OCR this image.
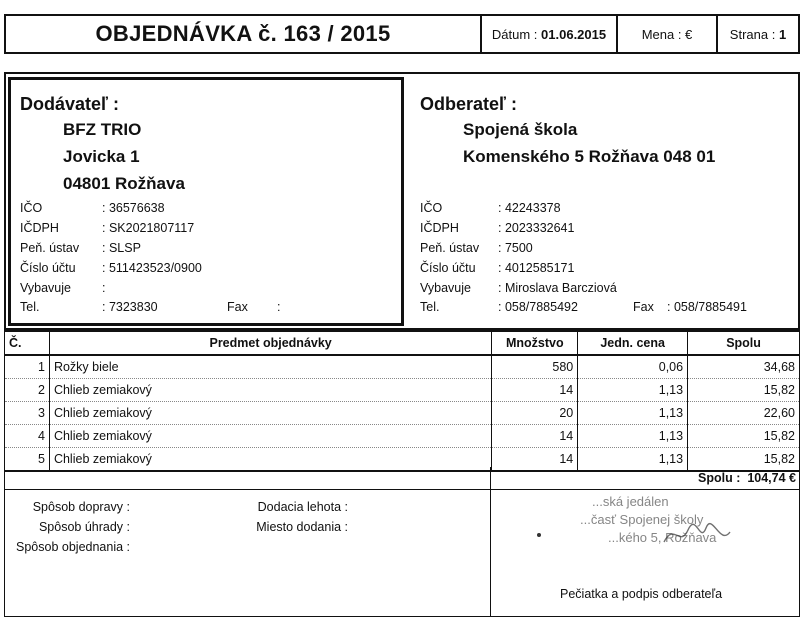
OBJEDNÁVKA č. 163 / 2015	Dátum :
01.06.2015	Mena : €	Strana :
1
Dodávateľ :
BFZ TRIO
Jovicka 1
04801 Rožňava
IČO	: 36576638
IČDPH	: SK2021807117
Peň. ústav : SLSP
Číslo účtu : 511423523/0900
Vybavuje :
Tel.	: 7323830	Fax :
Odberateľ :
Spojená škola
Komenského 5 Rožňava 048 01
IČO	: 42243378
IČDPH	: 2023332641
Peň. ústav : 7500
Číslo účtu : 4012585171
Vybavuje : Miroslava Barcziová
Tel.	: 058/7885492	Fax : 058/7885491
Č.	Predmet objednávky	Množstvo	Jedn. cena	Spolu
1	Rožky biele	580	0,06	34,68
2	Chlieb zemiakový	14	1,13	15,82
3	Chlieb zemiakový	20	1,13	22,60
4	Chlieb zemiakový	14	1,13	15,82
5	Chlieb zemiakový	14	1,13	15,82
Spolu :
104,74 €
Spôsob dopravy :
Spôsob úhrady :
Spôsob objednania :
Dodacia lehota :
Miesto dodania :
...ská jedálen
...časť Spojenej školy
...kého 5, Rožňava
Pečiatka a podpis odberateľa
